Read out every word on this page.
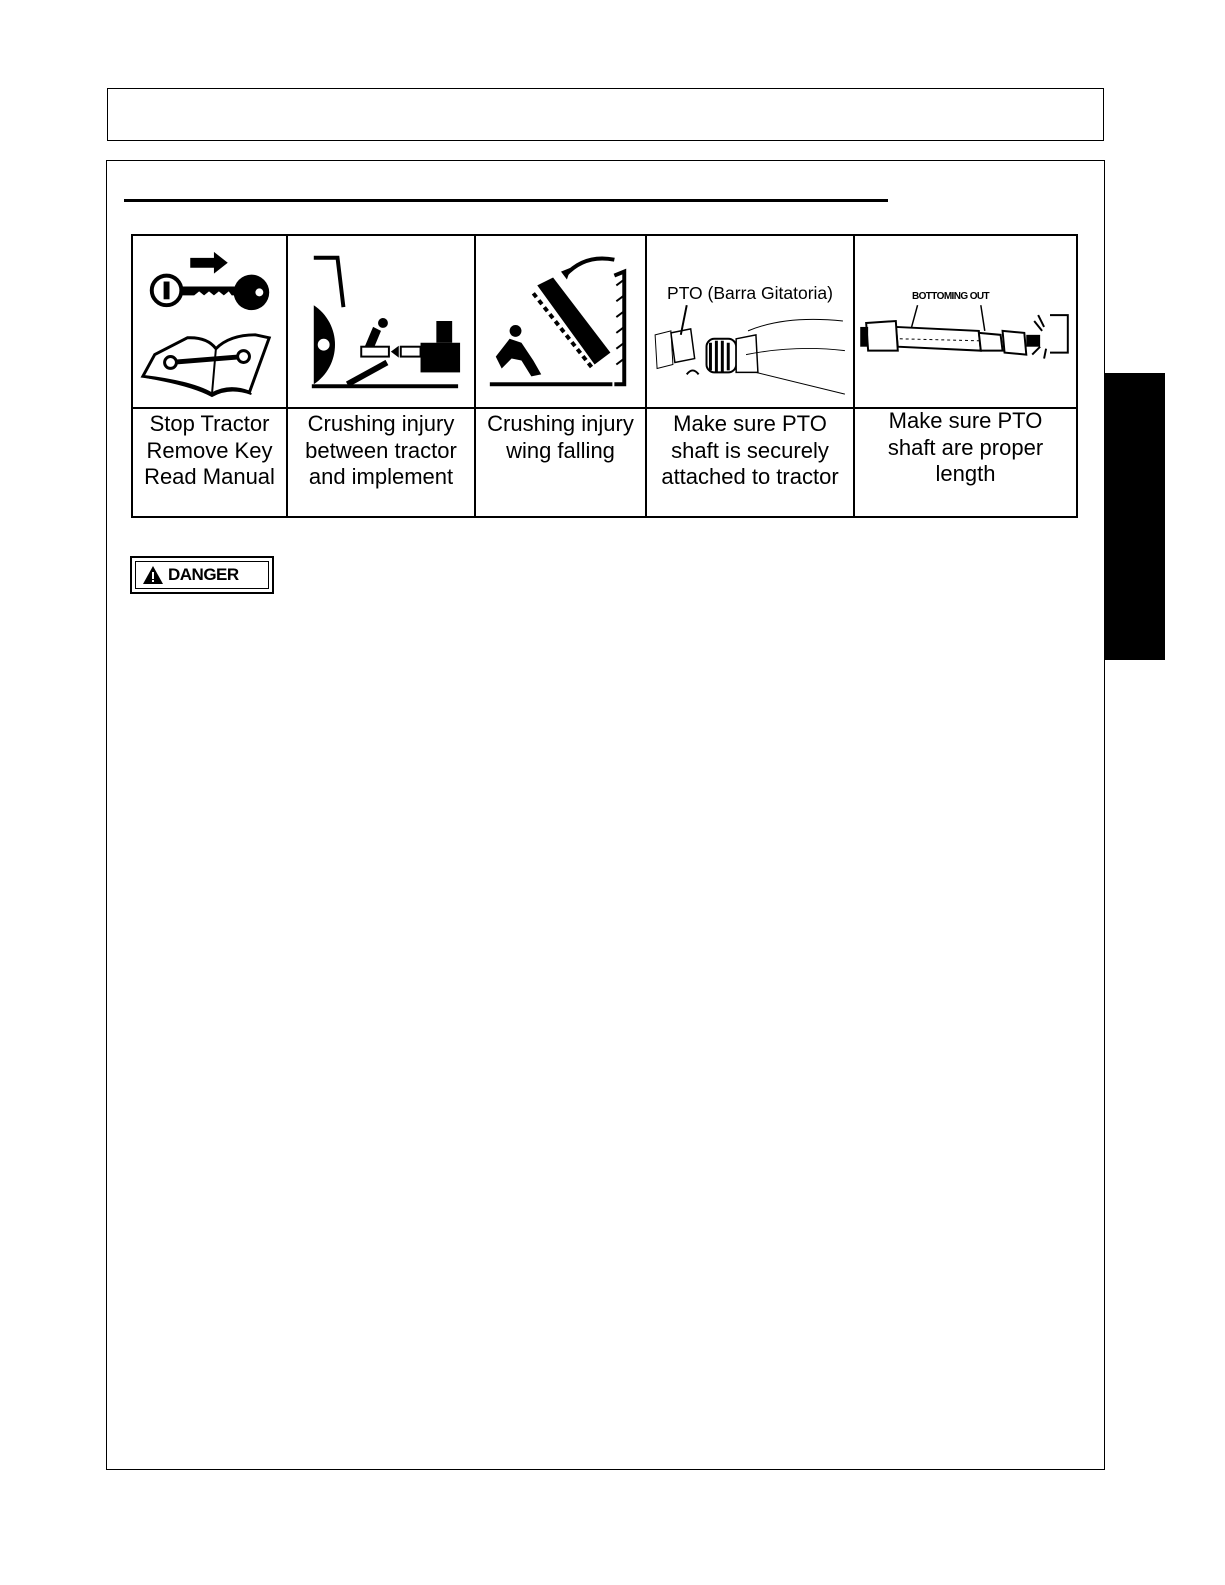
Stop Tractor
Remove Key
Read Manual
Crushing injury
between tractor
and implement
Crushing injury
wing falling
PTO (Barra Gitatoria)
Make sure PTO
shaft is securely
attached to tractor
BOTTOMING OUT
Make sure PTO
shaft are proper
length
DANGER
